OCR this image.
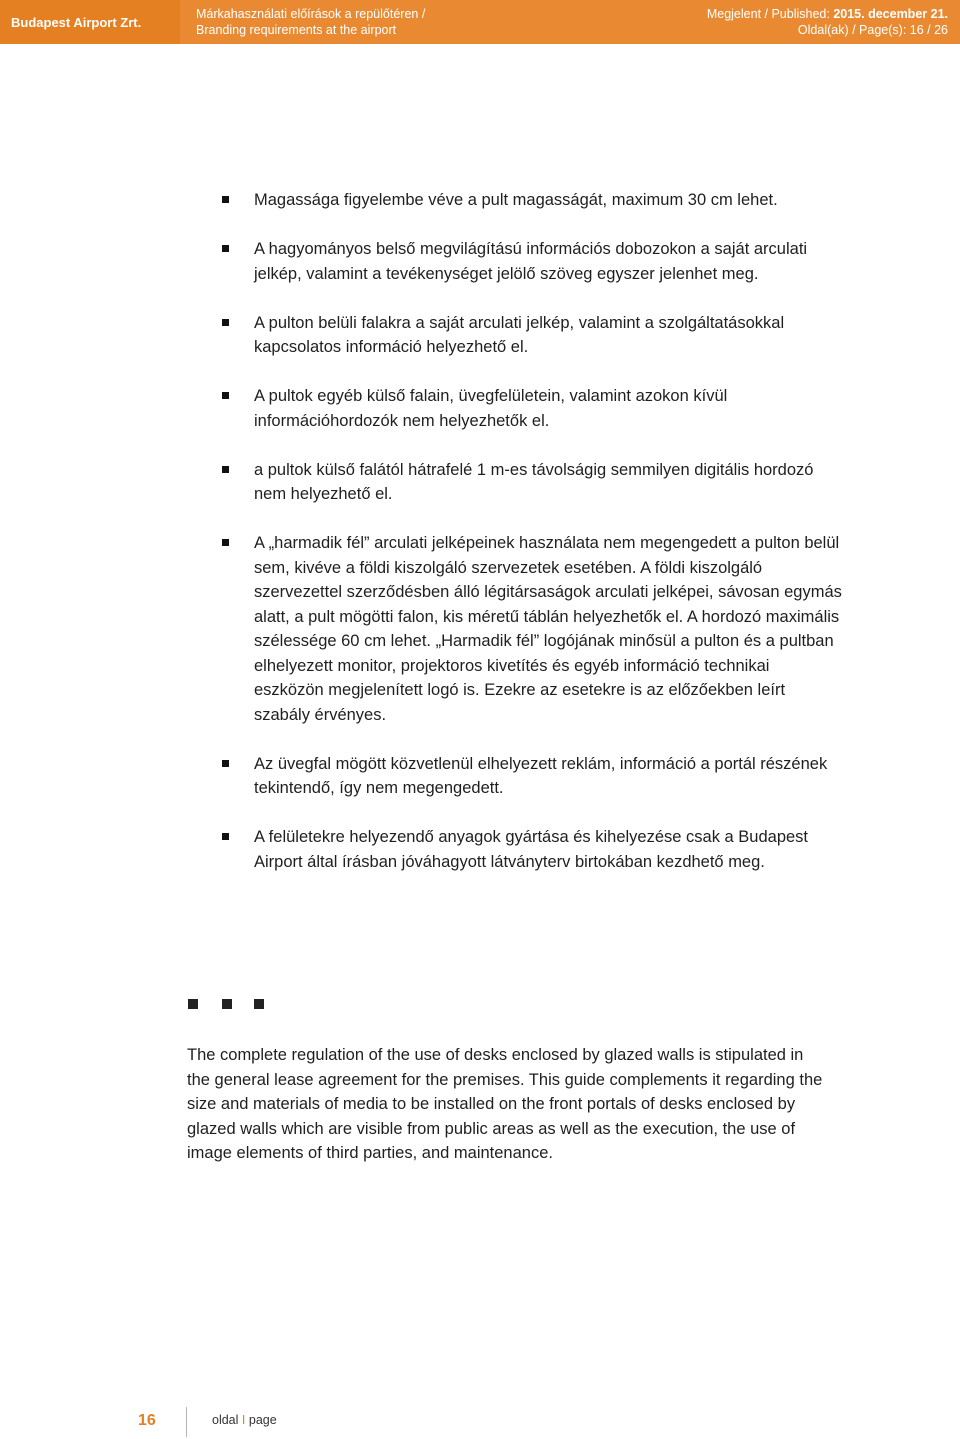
Budapest Airport Zrt.
Márkahasználati előírások a repülőtéren /
Branding requirements at the airport
Megjelent / Published: 2015. december 21.
Oldal(ak) / Page(s): 16 / 26
Magassága figyelembe véve a pult magasságát, maximum 30 cm lehet.
A hagyományos belső megvilágítású információs dobozokon a saját arculati jelkép, valamint a tevékenységet jelölő szöveg egyszer jelenhet meg.
A pulton belüli falakra a saját arculati jelkép, valamint a szolgáltatásokkal kapcsolatos információ helyezhető el.
A pultok egyéb külső falain, üvegfelületein, valamint azokon kívül információhordozók nem helyezhetők el.
a pultok külső falától hátrafelé 1 m-es távolságig semmilyen digitális hordozó nem helyezhető el.
A „harmadik fél” arculati jelképeinek használata nem megengedett a pulton belül sem, kivéve a földi kiszolgáló szervezetek esetében. A földi kiszolgáló szervezettel szerződésben álló légitársaságok arculati jelképei, sávosan egymás alatt, a pult mögötti falon, kis méretű táblán helyezhetők el. A hordozó maximális szélessége 60 cm lehet. „Harmadik fél” logójának minősül a pulton és a pultban elhelyezett monitor, projektoros kivetítés és egyéb információ technikai eszközön megjelenített logó is. Ezekre az esetekre is az előzőekben leírt szabály érvényes.
Az üvegfal mögött közvetlenül elhelyezett reklám, információ a portál részének tekintendő, így nem megengedett.
A felületekre helyezendő anyagok gyártása és kihelyezése csak a Budapest Airport által írásban jóváhagyott látványterv birtokában kezdhető meg.

The complete regulation of the use of desks enclosed by glazed walls is stipulated in the general lease agreement for the premises. This guide complements it regarding the size and materials of media to be installed on the front portals of desks enclosed by glazed walls which are visible from public areas as well as the execution, the use of image elements of third parties, and maintenance.

16	oldal I page
